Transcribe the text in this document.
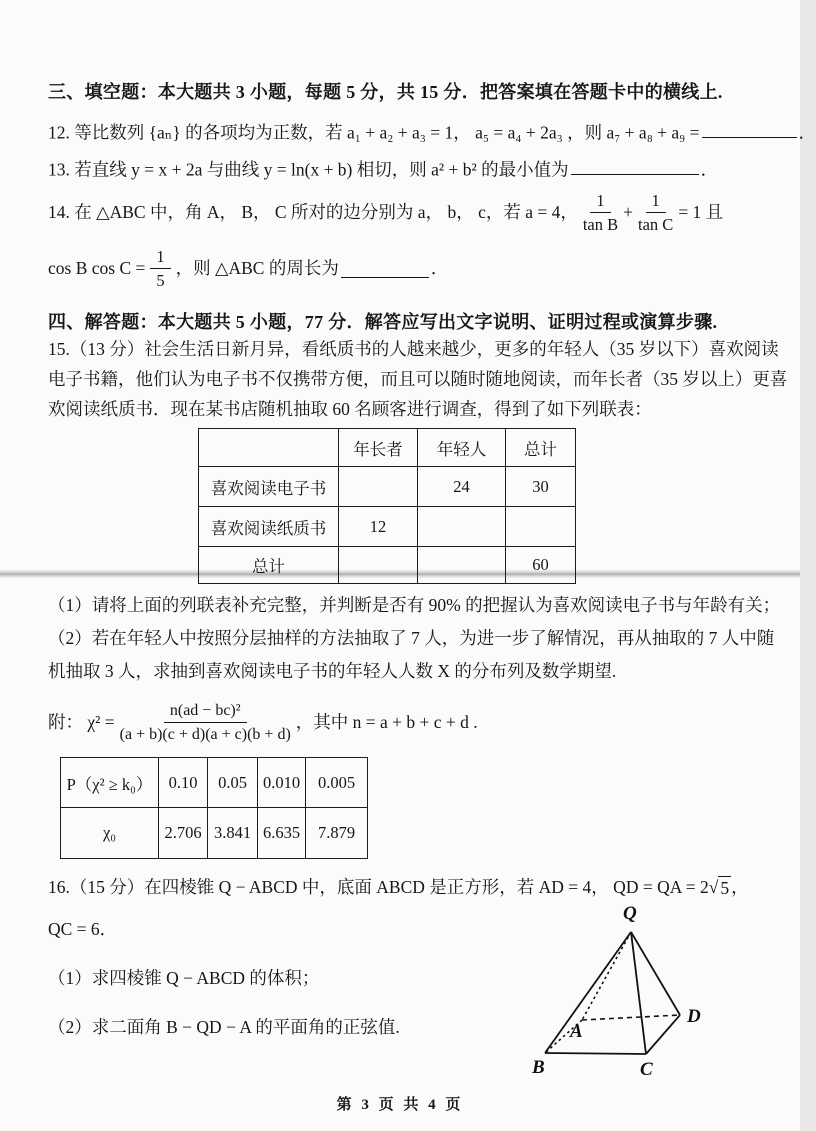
三、填空题：本大题共 3 小题，每题 5 分，共 15 分．把答案填在答题卡中的横线上.
12. 等比数列 {aₙ} 的各项均为正数，若 a₁ + a₂ + a₃ = 1， a₅ = a₄ + 2a₃ ，则 a₇ + a₈ + a₉ =	．
13. 若直线 y = x + 2a 与曲线 y = ln(x + b) 相切，则 a² + b² 的最小值为	．
14. 在 △ABC 中，角 A， B， C 所对的边分别为 a， b， c，若 a = 4， $\frac{1}{\text{tan B}} + \frac{1}{\text{tan C}} = 1$ 且
cos B $\cos C = \frac{1}{5}$ ，则 △ABC 的周长为	．
四、解答题：本大题共 5 小题，77 分．解答应写出文字说明、证明过程或演算步骤.
15.（13 分）社会生活日新月异，看纸质书的人越来越少，更多的年轻人（35 岁以下）喜欢阅读
电子书籍，他们认为电子书不仅携带方便，而且可以随时随地阅读，而年长者（35 岁以上）更喜
欢阅读纸质书．现在某书店随机抽取 60 名顾客进行调查，得到了如下列联表：
	年长者	年轻人	总计
喜欢阅读电子书		24	30
喜欢阅读纸质书	12		
总计			60
（1）请将上面的列联表补充完整，并判断是否有 90% 的把握认为喜欢阅读电子书与年龄有关；
（2）若在年轻人中按照分层抽样的方法抽取了 7 人，为进一步了解情况，再从抽取的 7 人中随
机抽取 3 人，求抽到喜欢阅读电子书的年轻人人数 X 的分布列及数学期望.
附： $\chi^2 = \frac{\text{n(ad − bc)²}}{(a + b)(c + d)(a + c)(b + d)}$ ，其中 n = a + b + c + d .
P（χ² ≥ k₀）	0.10	0.05	0.010	0.005
χ₀	2.706	3.841	6.635	7.879
16.（15 分）在四棱锥 Q − ABCD 中，底面 ABCD 是正方形，若 AD = 4， QD = QA = 2 √ 5 ，
QC = 6．
（1）求四棱锥 Q − ABCD 的体积；
（2）求二面角 B − QD − A 的平面角的正弦值.
Q
A
B	C
D
第 3 页 共 4 页
